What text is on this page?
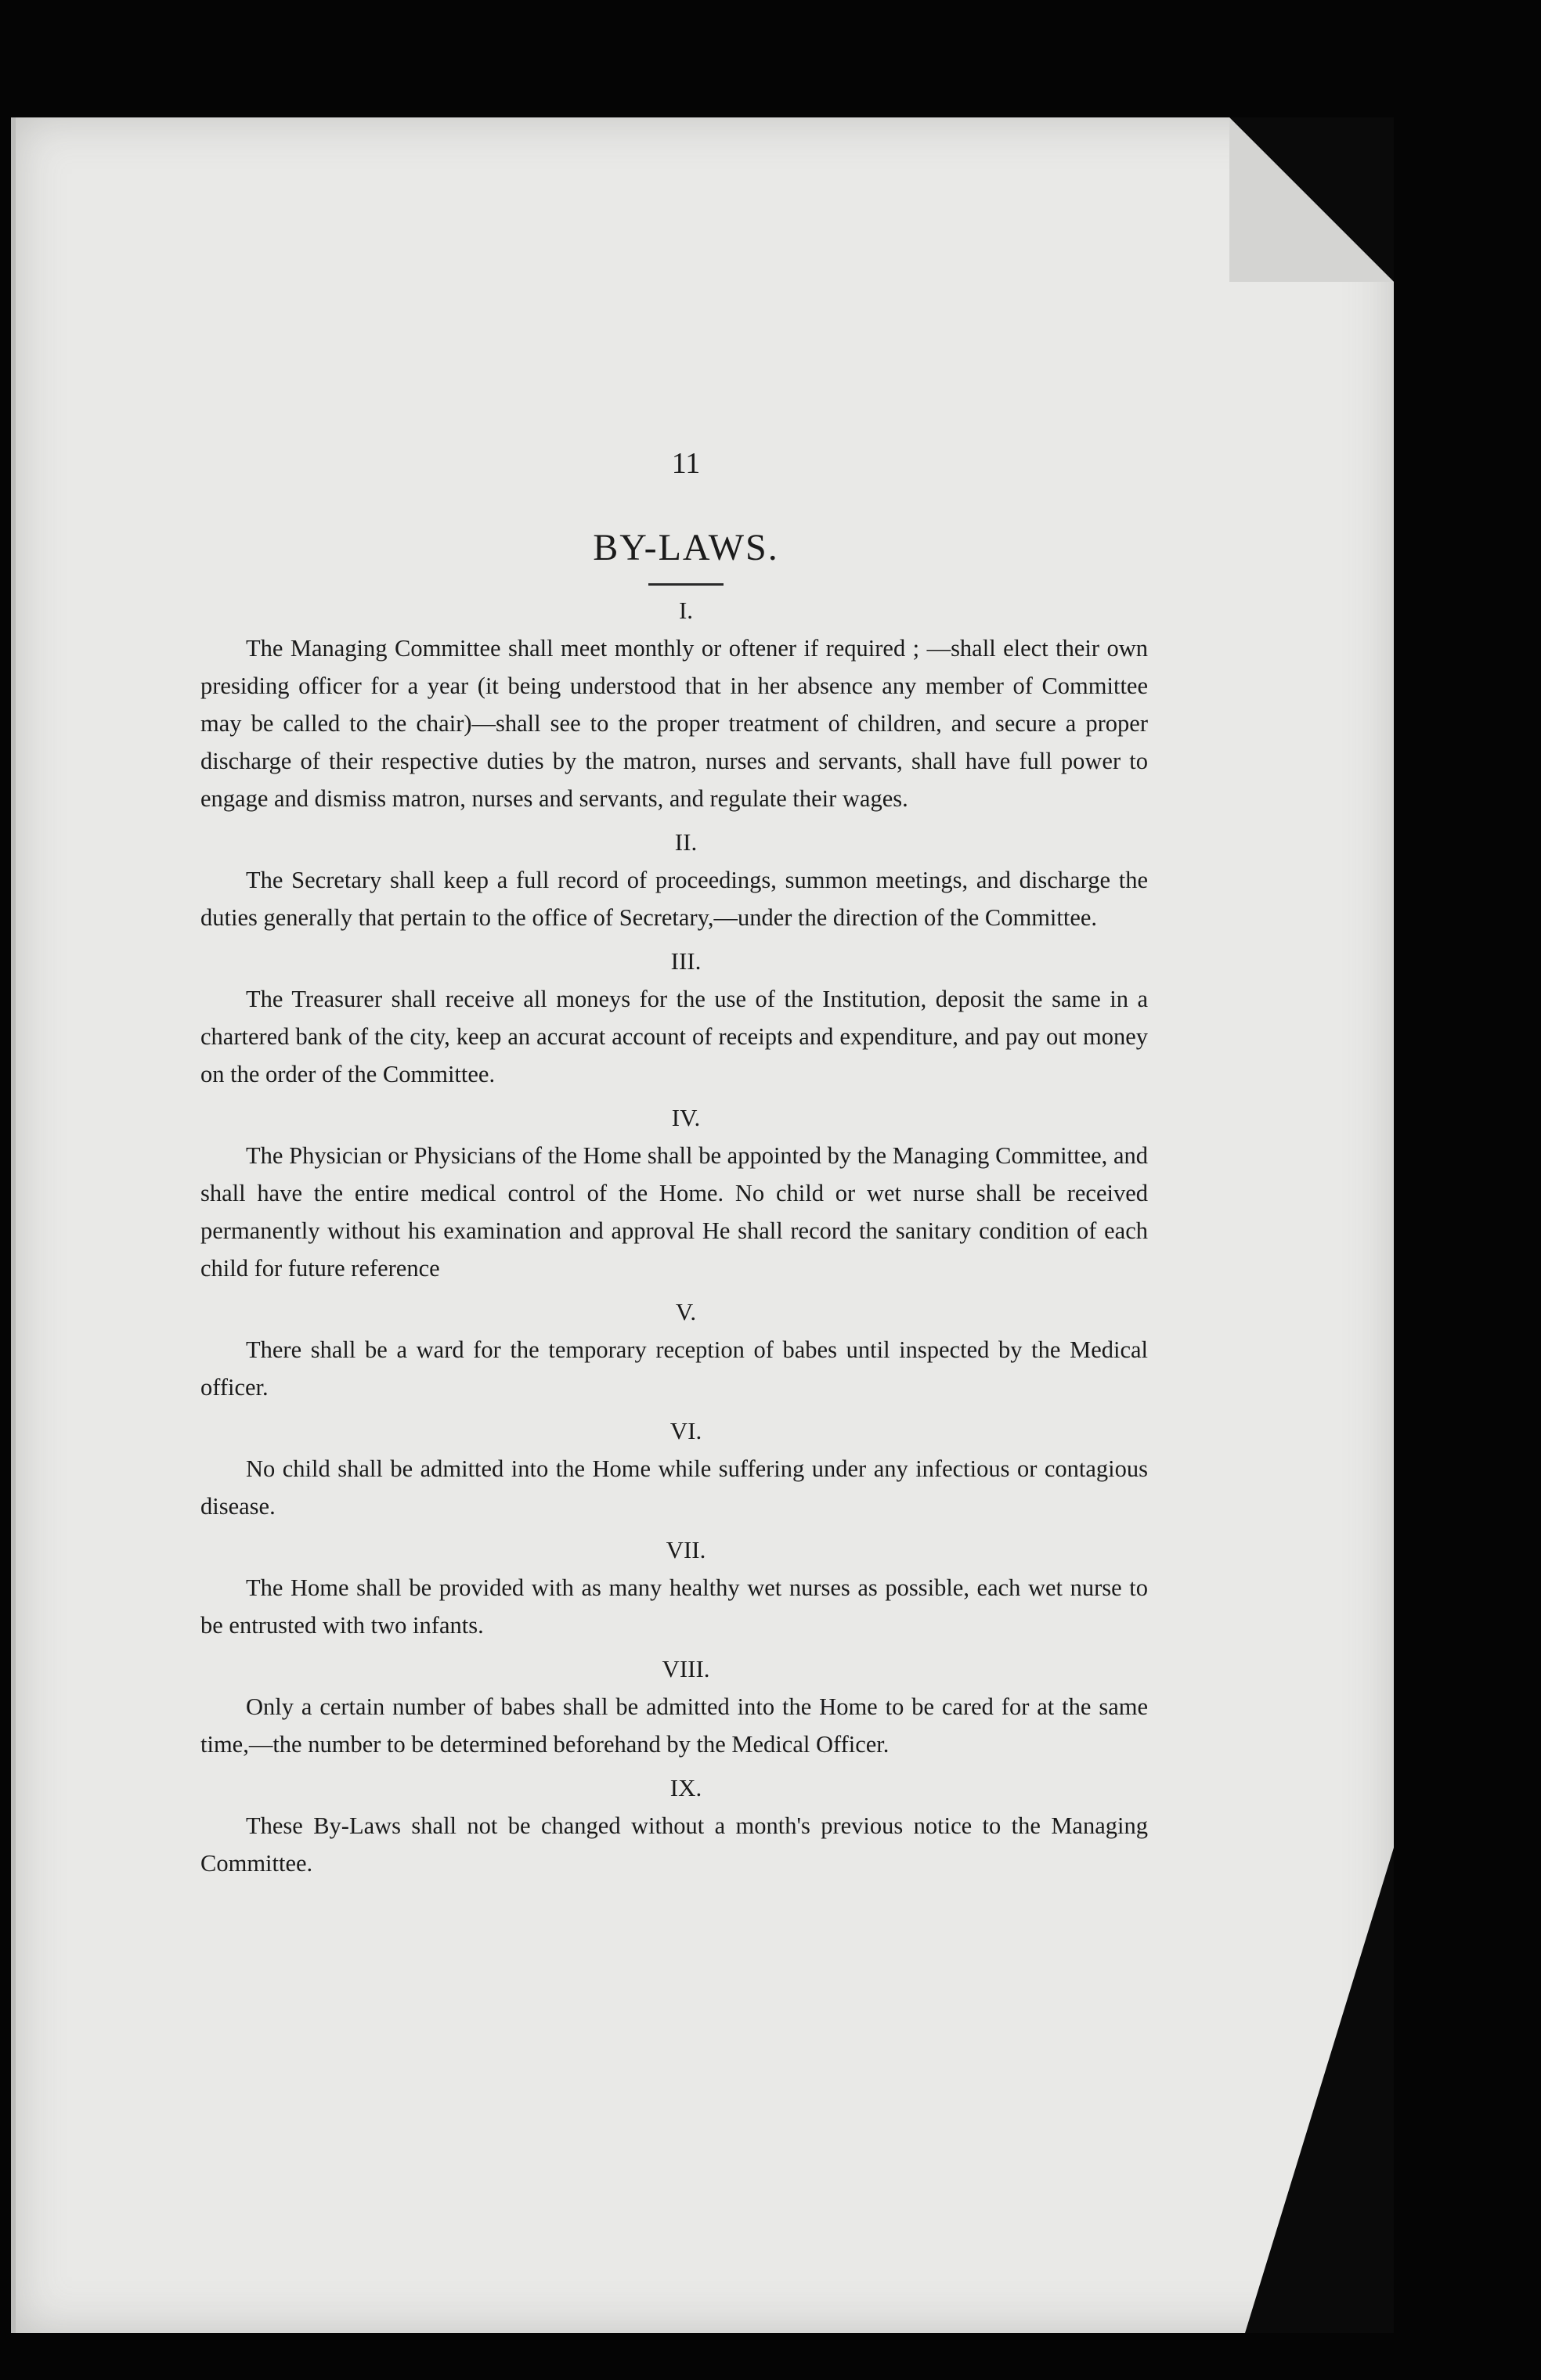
11
BY-LAWS.
I.

The Managing Committee shall meet monthly or oftener if required ; —shall elect their own presiding officer for a year (it being understood that in her absence any member of Committee may be called to the chair)—shall see to the proper treatment of children, and secure a proper discharge of their respective duties by the matron, nurses and servants, shall have full power to engage and dismiss matron, nurses and servants, and regulate their wages.

II.

The Secretary shall keep a full record of proceedings, summon meetings, and discharge the duties generally that pertain to the office of Secretary,—under the direction of the Committee.

III.

The Treasurer shall receive all moneys for the use of the Institution, deposit the same in a chartered bank of the city, keep an accurat account of receipts and expenditure, and pay out money on the order of the Committee.

IV.

The Physician or Physicians of the Home shall be appointed by the Managing Committee, and shall have the entire medical control of the Home. No child or wet nurse shall be received permanently without his examination and approval He shall record the sanitary condition of each child for future reference

V.

There shall be a ward for the temporary reception of babes until inspected by the Medical officer.

VI.

No child shall be admitted into the Home while suffering under any infectious or contagious disease.

VII.

The Home shall be provided with as many healthy wet nurses as possible, each wet nurse to be entrusted with two infants.

VIII.

Only a certain number of babes shall be admitted into the Home to be cared for at the same time,—the number to be determined beforehand by the Medical Officer.

IX.

These By-Laws shall not be changed without a month's previous notice to the Managing Committee.
